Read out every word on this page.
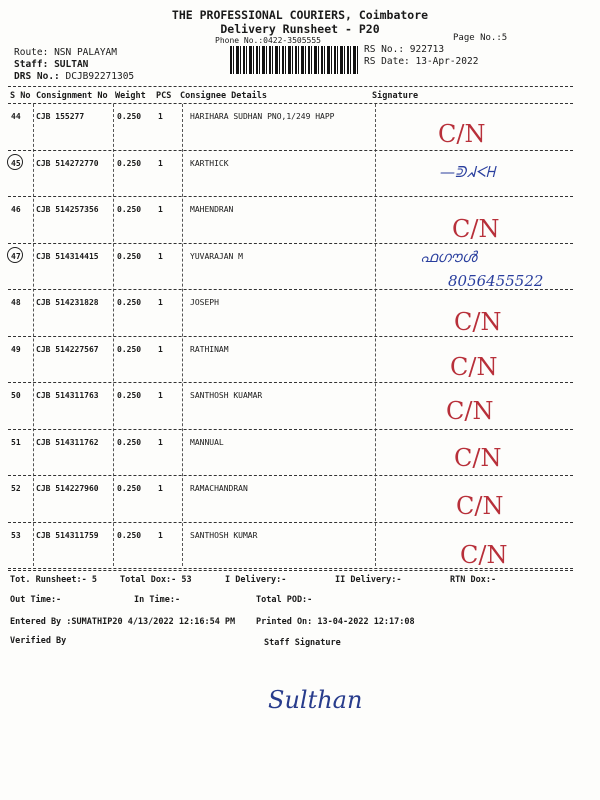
THE PROFESSIONAL COURIERS, Coimbatore
Delivery Runsheet - P20
Phone No.:0422-3505555	Page No.:5
Route: NSN PALAYAM
Staff: SULTAN
DRS No.: DCJB92271305
RS No.: 922713
RS Date: 13-Apr-2022
S No Consignment No Weight PCS Consignee Details	Signature
44 CJB 155277	0.250 1	HARIHARA SUDHAN PNO,1/249 HAPP
C/N
45 CJB 514272770 0.250 1	KARTHICK	—ᕲᖽᐸᕼ
46 CJB 514257356 0.250 1	MAHENDRAN
C/N
47 CJB 514314415 0.250 1	YUVARAJAN M	ഫഗൗൾ
8056455522
48 CJB 514231828 0.250 1	JOSEPH
C/N
49 CJB 514227567 0.250 1	RATHINAM
C/N
50 CJB 514311763 0.250 1	SANTHOSH KUAMAR
C/N
51 CJB 514311762 0.250 1	MANNUAL
C/N
52 CJB 514227960 0.250 1	RAMACHANDRAN
C/N
53 CJB 514311759 0.250 1	SANTHOSH KUMAR
C/N
Tot. Runsheet:- 5	Total Dox:- 53	I Delivery:-	II Delivery:-	RTN Dox:-
Out Time:-	In Time:-	Total POD:-
Entered By :SUMATHIP20 4/13/2022 12:16:54 PM Printed On: 13-04-2022 12:17:08
Verified By	Staff Signature
Sulthan
